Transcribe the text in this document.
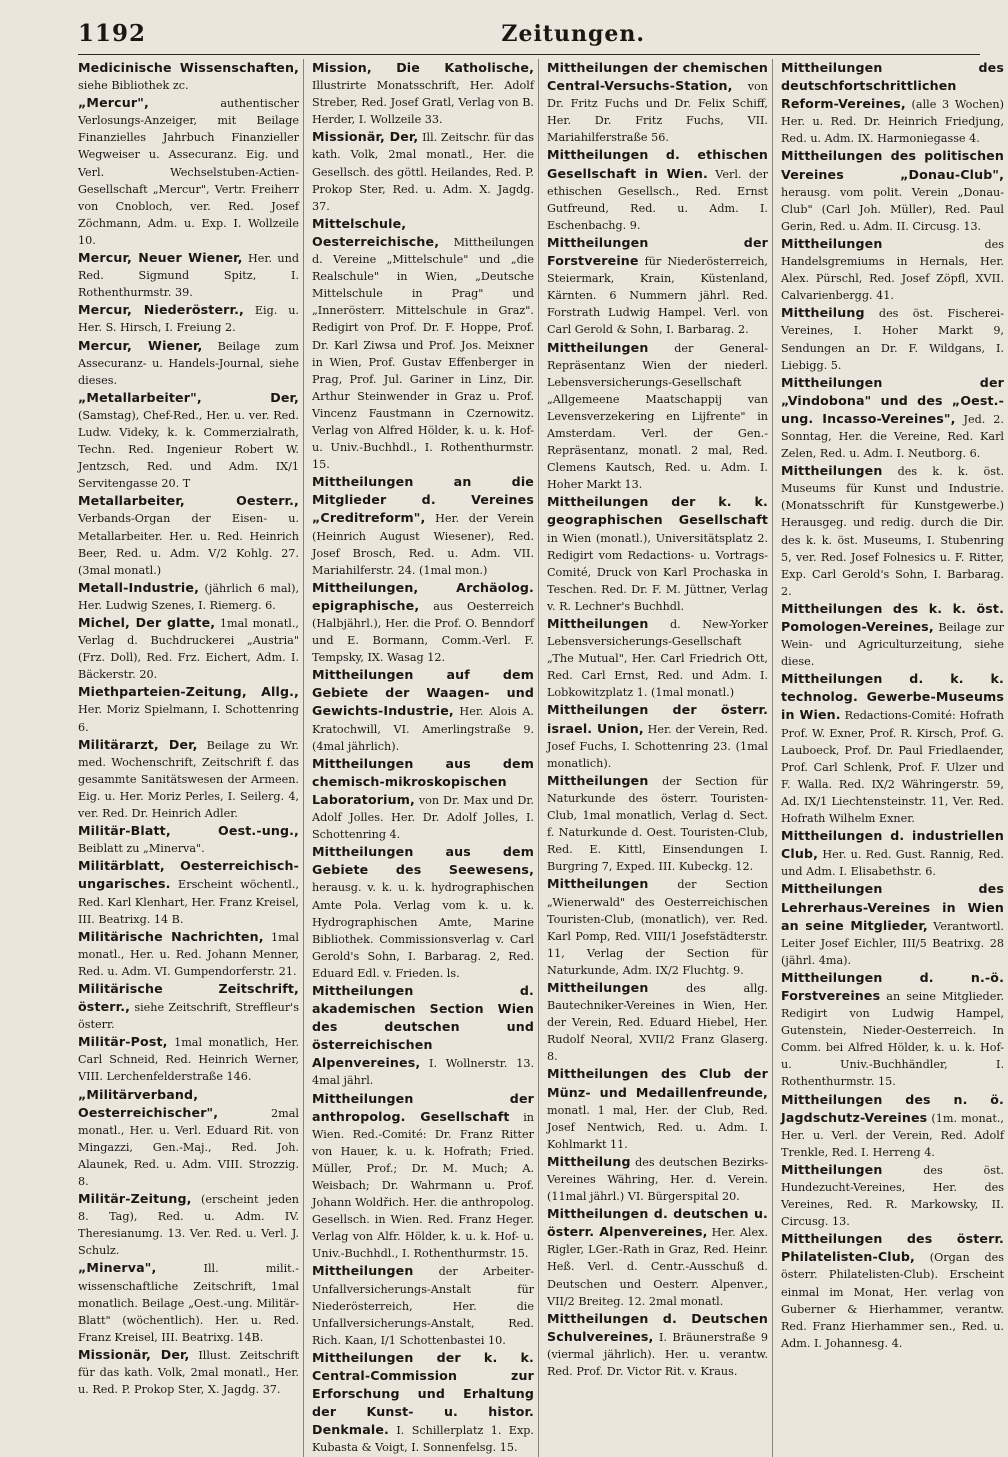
1192	Zeitungen.

Medicinische Wissenschaften, siehe Bibliothek zc.

„Mercur", authentischer Verlosungs-Anzeiger, mit Beilage Finanzielles Jahrbuch Finanzieller Wegweiser u. Assecuranz. Eig. und Verl. Wechselstuben-Actien-Gesellschaft „Mercur", Vertr. Freiherr von Cnobloch, ver. Red. Josef Zöchmann, Adm. u. Exp. I. Wollzeile 10.

Mercur, Neuer Wiener, Her. und Red. Sigmund Spitz, I. Rothenthurmstr. 39.

Mercur, Niederösterr., Eig. u. Her. S. Hirsch, I. Freiung 2.

Mercur, Wiener, Beilage zum Assecuranz- u. Handels-Journal, siehe dieses.

„Metallarbeiter", Der, (Samstag), Chef-Red., Her. u. ver. Red. Ludw. Videky, k. k. Commerzialrath, Techn. Red. Ingenieur Robert W. Jentzsch, Red. und Adm. IX/1 Servitengasse 20. T

Metallarbeiter, Oesterr., Verbands-Organ der Eisen- u. Metallarbeiter. Her. u. Red. Heinrich Beer, Red. u. Adm. V/2 Kohlg. 27. (3mal monatl.)

Metall-Industrie, (jährlich 6 mal), Her. Ludwig Szenes, I. Riemerg. 6.

Michel, Der glatte, 1mal monatl., Verlag d. Buchdruckerei „Austria" (Frz. Doll), Red. Frz. Eichert, Adm. I. Bäckerstr. 20.

Miethparteien-Zeitung, Allg., Her. Moriz Spielmann, I. Schottenring 6.

Militärarzt, Der, Beilage zu Wr. med. Wochenschrift, Zeitschrift f. das gesammte Sanitätswesen der Armeen. Eig. u. Her. Moriz Perles, I. Seilerg. 4, ver. Red. Dr. Heinrich Adler.

Militär-Blatt, Oest.-ung., Beiblatt zu „Minerva".

Militärblatt, Oesterreichisch-ungarisches. Erscheint wöchentl., Red. Karl Klenhart, Her. Franz Kreisel, III. Beatrixg. 14 B.

Militärische Nachrichten, 1mal monatl., Her. u. Red. Johann Menner, Red. u. Adm. VI. Gumpendorferstr. 21.

Militärische Zeitschrift, österr., siehe Zeitschrift, Streffleur's österr.

Militär-Post, 1mal monatlich, Her. Carl Schneid, Red. Heinrich Werner, VIII. Lerchenfelderstraße 146.

„Militärverband, Oesterreichischer", 2mal monatl., Her. u. Verl. Eduard Rit. von Mingazzi, Gen.-Maj., Red. Joh. Alaunek, Red. u. Adm. VIII. Strozzig. 8.

Militär-Zeitung, (erscheint jeden 8. Tag), Red. u. Adm. IV. Theresianumg. 13. Ver. Red. u. Verl. J. Schulz.

„Minerva", Ill. milit.-wissenschaftliche Zeitschrift, 1mal monatlich. Beilage „Oest.-ung. Militär-Blatt" (wöchentlich). Her. u. Red. Franz Kreisel, III. Beatrixg. 14B.

Missionär, Der, Illust. Zeitschrift für das kath. Volk, 2mal monatl., Her. u. Red. P. Prokop Ster, X. Jagdg. 37.

Mission, Die Katholische, Illustrirte Monatsschrift, Her. Adolf Streber, Red. Josef Gratl, Verlag von B. Herder, I. Wollzeile 33.

Missionär, Der, Ill. Zeitschr. für das kath. Volk, 2mal monatl., Her. die Gesellsch. des göttl. Heilandes, Red. P. Prokop Ster, Red. u. Adm. X. Jagdg. 37.

Mittelschule, Oesterreichische, Mittheilungen d. Vereine „Mittelschule" und „die Realschule" in Wien, „Deutsche Mittelschule in Prag" und „Innerösterr. Mittelschule in Graz". Redigirt von Prof. Dr. F. Hoppe, Prof. Dr. Karl Ziwsa und Prof. Jos. Meixner in Wien, Prof. Gustav Effenberger in Prag, Prof. Jul. Gariner in Linz, Dir. Arthur Steinwender in Graz u. Prof. Vincenz Faustmann in Czernowitz. Verlag von Alfred Hölder, k. u. k. Hof- u. Univ.-Buchhdl., I. Rothenthurmstr. 15.

Mittheilungen an die Mitglieder d. Vereines „Creditreform", Her. der Verein (Heinrich August Wiesener), Red. Josef Brosch, Red. u. Adm. VII. Mariahilferstr. 24. (1mal mon.)

Mittheilungen, Archäolog. epigraphische, aus Oesterreich (Halbjährl.), Her. die Prof. O. Benndorf und E. Bormann, Comm.-Verl. F. Tempsky, IX. Wasag 12.

Mittheilungen auf dem Gebiete der Waagen- und Gewichts-Industrie, Her. Alois A. Kratochwill, VI. Amerlingstraße 9. (4mal jährlich).

Mittheilungen aus dem chemisch-mikroskopischen Laboratorium, von Dr. Max und Dr. Adolf Jolles. Her. Dr. Adolf Jolles, I. Schottenring 4.

Mittheilungen aus dem Gebiete des Seewesens, herausg. v. k. u. k. hydrographischen Amte Pola. Verlag vom k. u. k. Hydrographischen Amte, Marine Bibliothek. Commissionsverlag v. Carl Gerold's Sohn, I. Barbarag. 2, Red. Eduard Edl. v. Frieden. ls.

Mittheilungen d. akademischen Section Wien des deutschen und österreichischen Alpenvereines, I. Wollnerstr. 13. 4mal jährl.

Mittheilungen der anthropolog. Gesellschaft in Wien. Red.-Comité: Dr. Franz Ritter von Hauer, k. u. k. Hofrath; Fried. Müller, Prof.; Dr. M. Much; A. Weisbach; Dr. Wahrmann u. Prof. Johann Woldřich. Her. die anthropolog. Gesellsch. in Wien. Red. Franz Heger. Verlag von Alfr. Hölder, k. u. k. Hof- u. Univ.-Buchhdl., I. Rothenthurmstr. 15.

Mittheilungen der Arbeiter-Unfallversicherungs-Anstalt für Niederösterreich, Her. die Unfallversicherungs-Anstalt, Red. Rich. Kaan, I/1 Schottenbastei 10.

Mittheilungen der k. k. Central-Commission zur Erforschung und Erhaltung der Kunst- u. histor. Denkmale. I. Schillerplatz 1. Exp. Kubasta & Voigt, I. Sonnenfelsg. 15.

Mittheilungen der chemischen Central-Versuchs-Station, von Dr. Fritz Fuchs und Dr. Felix Schiff, Her. Dr. Fritz Fuchs, VII. Mariahilferstraße 56.

Mittheilungen d. ethischen Gesellschaft in Wien. Verl. der ethischen Gesellsch., Red. Ernst Gutfreund, Red. u. Adm. I. Eschenbachg. 9.

Mittheilungen der Forstvereine für Niederösterreich, Steiermark, Krain, Küstenland, Kärnten. 6 Nummern jährl. Red. Forstrath Ludwig Hampel. Verl. von Carl Gerold & Sohn, I. Barbarag. 2.

Mittheilungen der General-Repräsentanz Wien der niederl. Lebensversicherungs-Gesellschaft „Allgemeene Maatschappij van Levensverzekering en Lijfrente" in Amsterdam. Verl. der Gen.-Repräsentanz, monatl. 2 mal, Red. Clemens Kautsch, Red. u. Adm. I. Hoher Markt 13.

Mittheilungen der k. k. geographischen Gesellschaft in Wien (monatl.), Universitätsplatz 2. Redigirt vom Redactions- u. Vortrags-Comité, Druck von Karl Prochaska in Teschen. Red. Dr. F. M. Jüttner, Verlag v. R. Lechner's Buchhdl.

Mittheilungen d. New-Yorker Lebensversicherungs-Gesellschaft „The Mutual", Her. Carl Friedrich Ott, Red. Carl Ernst, Red. und Adm. I. Lobkowitzplatz 1. (1mal monatl.)

Mittheilungen der österr. israel. Union, Her. der Verein, Red. Josef Fuchs, I. Schottenring 23. (1mal monatlich).

Mittheilungen der Section für Naturkunde des österr. Touristen-Club, 1mal monatlich, Verlag d. Sect. f. Naturkunde d. Oest. Touristen-Club, Red. E. Kittl, Einsendungen I. Burgring 7, Exped. III. Kubeckg. 12.

Mittheilungen der Section „Wienerwald" des Oesterreichischen Touristen-Club, (monatlich), ver. Red. Karl Pomp, Red. VIII/1 Josefstädterstr. 11, Verlag der Section für Naturkunde, Adm. IX/2 Fluchtg. 9.

Mittheilungen des allg. Bautechniker-Vereines in Wien, Her. der Verein, Red. Eduard Hiebel, Her. Rudolf Neoral, XVII/2 Franz Glaserg. 8.

Mittheilungen des Club der Münz- und Medaillenfreunde, monatl. 1 mal, Her. der Club, Red. Josef Nentwich, Red. u. Adm. I. Kohlmarkt 11.

Mittheilung des deutschen Bezirks-Vereines Währing, Her. d. Verein. (11mal jährl.) VI. Bürgerspital 20.

Mittheilungen d. deutschen u. österr. Alpenvereines, Her. Alex. Rigler, LGer.-Rath in Graz, Red. Heinr. Heß. Verl. d. Centr.-Ausschuß d. Deutschen und Oesterr. Alpenver., VII/2 Breiteg. 12. 2mal monatl.

Mittheilungen d. Deutschen Schulvereines, I. Bräunerstraße 9 (viermal jährlich). Her. u. verantw. Red. Prof. Dr. Victor Rit. v. Kraus.

Mittheilungen des deutschfortschrittlichen Reform-Vereines, (alle 3 Wochen) Her. u. Red. Dr. Heinrich Friedjung, Red. u. Adm. IX. Harmoniegasse 4.

Mittheilungen des politischen Vereines „Donau-Club", herausg. vom polit. Verein „Donau-Club" (Carl Joh. Müller), Red. Paul Gerin, Red. u. Adm. II. Circusg. 13.

Mittheilungen des Handelsgremiums in Hernals, Her. Alex. Pürschl, Red. Josef Zöpfl, XVII. Calvarienbergg. 41.

Mittheilung des öst. Fischerei-Vereines, I. Hoher Markt 9, Sendungen an Dr. F. Wildgans, I. Liebigg. 5.

Mittheilungen der „Vindobona" und des „Oest.-ung. Incasso-Vereines", Jed. 2. Sonntag, Her. die Vereine, Red. Karl Zelen, Red. u. Adm. I. Neutborg. 6.

Mittheilungen des k. k. öst. Museums für Kunst und Industrie. (Monatsschrift für Kunstgewerbe.) Herausgeg. und redig. durch die Dir. des k. k. öst. Museums, I. Stubenring 5, ver. Red. Josef Folnesics u. F. Ritter, Exp. Carl Gerold's Sohn, I. Barbarag. 2.

Mittheilungen des k. k. öst. Pomologen-Vereines, Beilage zur Wein- und Agriculturzeitung, siehe diese.

Mittheilungen d. k. k. technolog. Gewerbe-Museums in Wien. Redactions-Comité: Hofrath Prof. W. Exner, Prof. R. Kirsch, Prof. G. Lauboeck, Prof. Dr. Paul Friedlaender, Prof. Carl Schlenk, Prof. F. Ulzer und F. Walla. Red. IX/2 Währingerstr. 59, Ad. IX/1 Liechtensteinstr. 11, Ver. Red. Hofrath Wilhelm Exner.

Mittheilungen d. industriellen Club, Her. u. Red. Gust. Rannig, Red. und Adm. I. Elisabethstr. 6.

Mittheilungen des Lehrerhaus-Vereines in Wien an seine Mitglieder, Verantwortl. Leiter Josef Eichler, III/5 Beatrixg. 28 (jährl. 4ma).

Mittheilungen d. n.-ö. Forstvereines an seine Mitglieder. Redigirt von Ludwig Hampel, Gutenstein, Nieder-Oesterreich. In Comm. bei Alfred Hölder, k. u. k. Hof- u. Univ.-Buchhändler, I. Rothenthurmstr. 15.

Mittheilungen des n. ö. Jagdschutz-Vereines (1m. monat., Her. u. Verl. der Verein, Red. Adolf Trenkle, Red. I. Herreng 4.

Mittheilungen des öst. Hundezucht-Vereines, Her. des Vereines, Red. R. Markowsky, II. Circusg. 13.

Mittheilungen des österr. Philatelisten-Club, (Organ des österr. Philatelisten-Club). Erscheint einmal im Monat, Her. verlag von Guberner & Hierhammer, verantw. Red. Franz Hierhammer sen., Red. u. Adm. I. Johannesg. 4.
